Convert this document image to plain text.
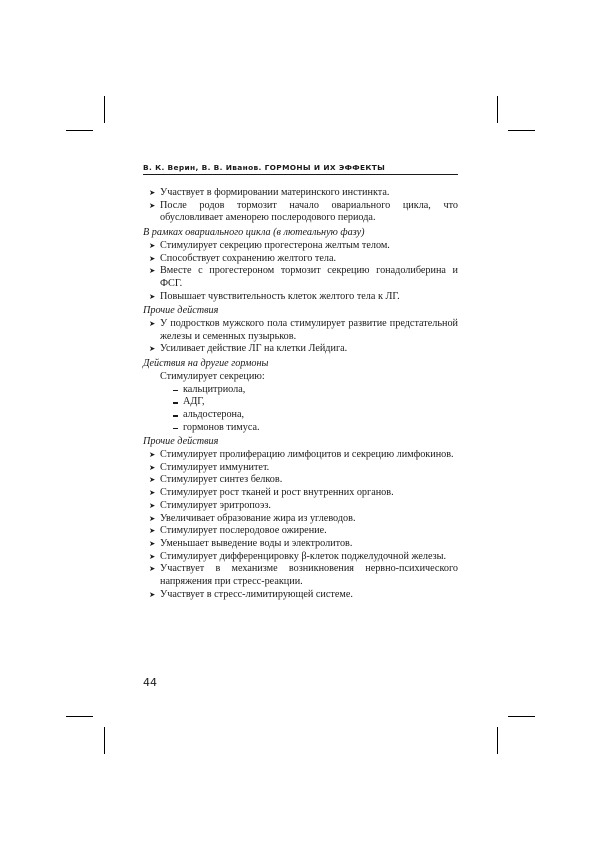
В. К. Верин, В. В. Иванов. ГОРМОНЫ И ИХ ЭФФЕКТЫ
➤ Участвует в формировании материнского инстинкта.
➤ После родов тормозит начало овариального цикла, что обусловливает аменорею послеродового периода.
В рамках овариального цикла (в лютеальную фазу)
➤ Стимулирует секрецию прогестерона желтым телом.
➤ Способствует сохранению желтого тела.
➤ Вместе с прогестероном тормозит секрецию гонадолиберина и ФСГ.
➤ Повышает чувствительность клеток желтого тела к ЛГ.
Прочие действия
➤ У подростков мужского пола стимулирует развитие предстательной железы и семенных пузырьков.
➤ Усиливает действие ЛГ на клетки Лейдига.
Действия на другие гормоны
Стимулирует секрецию:
кальцитриола,
АДГ,
альдостерона,
гормонов тимуса.
Прочие действия
➤ Стимулирует пролиферацию лимфоцитов и секрецию лимфокинов.
➤ Стимулирует иммунитет.
➤ Стимулирует синтез белков.
➤ Стимулирует рост тканей и рост внутренних органов.
➤ Стимулирует эритропоэз.
➤ Увеличивает образование жира из углеводов.
➤ Стимулирует послеродовое ожирение.
➤ Уменьшает выведение воды и электролитов.
➤ Стимулирует дифференцировку β-клеток поджелудочной железы.
➤ Участвует в механизме возникновения нервно-психического напряжения при стресс-реакции.
➤ Участвует в стресс-лимитирующей системе.
44
